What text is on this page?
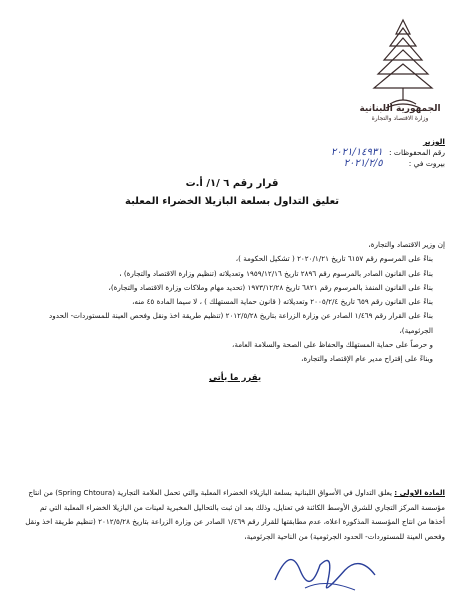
الجمهورية اللبنانية
وزارة الاقتصاد والتجارة
الوزير
رقم المحفوظات : ٢٠٢١/١٤٩٣١
بيروت في : ٢٠٢١/٢/٥
قرار رقم ٦ /١/ أ.ت
تعليق التداول بسلعة البازيلا الخضراء المعلبة

إن وزير الاقتصاد والتجارة،

بناءً على المرسوم رقم ٦١٥٧ تاريخ ٢٠٢٠/١/٢١ ( تشكيل الحكومة )،

بناءً على القانون الصادر بالمرسوم رقم ٢٨٩٦ تاريخ ١٩٥٩/١٢/١٦ وتعديلاته (تنظيم وزارة الاقتصاد والتجارة) ،

بناءً على القانون المنفذ بالمرسوم رقم ٦٨٢١ تاريخ ١٩٧٣/١٢/٢٨ (تحديد مهام وملاكات وزارة الاقتصاد والتجارة)،

بناءً على القانون رقم ٦٥٩ تاريخ ٢٠٠٥/٢/٤ وتعديلاته ( قانون حماية المستهلك ) ، لا سيما المادة ٤٥ منه،

بناءً على القرار رقم ١/٤٦٩ الصادر عن وزارة الزراعة بتاريخ ٢٠١٢/٥/٢٨ (تنظيم طريقة اخذ ونقل وفحص العينة للمستوردات- الحدود الجرثومية)،

و حرصاً على حماية المستهلك والحفاظ على الصحة والسلامة العامة،

وبناءً على إقتراح مدير عام الإقتصاد والتجارة،

يقرر ما يأتي

المادة الاولى : يعلق التداول في الأسواق اللبنانية بسلعة البازيلاء الخضراء المعلبة والتي تحمل العلامة التجارية (Spring Chtoura) من انتاج مؤسسة المركز التجاري للشرق الأوسط الكائنة في تعنايل، وذلك بعد ان ثبت بالتحاليل المخبرية لعينات من البازيلا الخضراء المعلبة التي تم أخذها من انتاج المؤسسة المذكورة اعلاه، عدم مطابقتها للقرار رقم ١/٤٦٩ الصادر عن وزارة الزراعة بتاريخ ٢٠١٢/٥/٢٨ (تنظيم طريقة اخذ ونقل وفحص العينة للمستوردات- الحدود الجرثومية) من الناحية الجرثومية،
